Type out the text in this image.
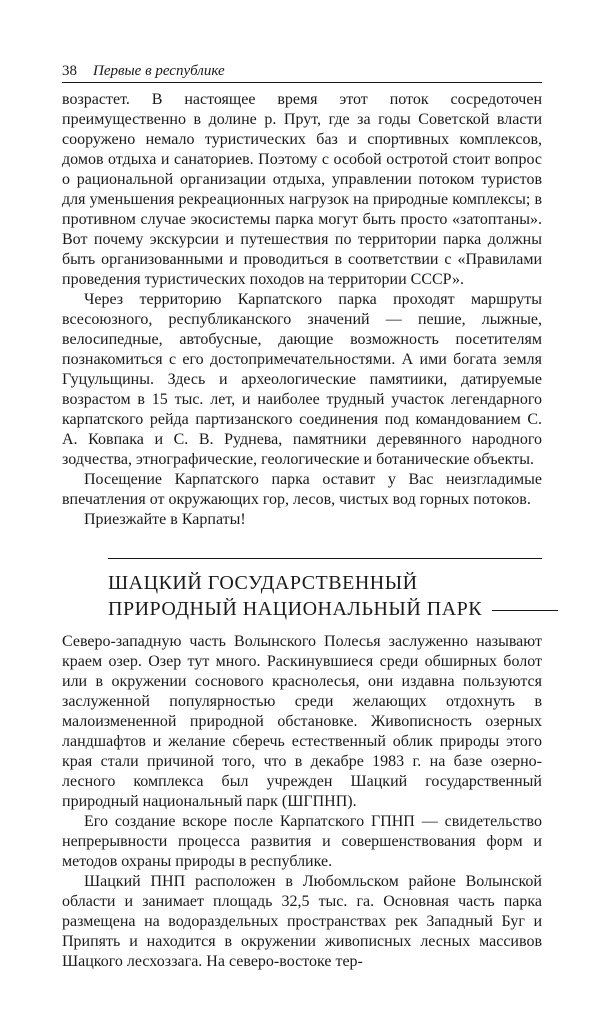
38 Первые в республике

возрастет. В настоящее время этот поток сосредоточен преимущественно в долине р. Прут, где за годы Советской власти сооружено немало туристических баз и спортивных комплексов, домов отдыха и санаториев. Поэтому с особой остротой стоит вопрос о рациональной организации отдыха, управлении потоком туристов для уменьшения рекреационных нагрузок на природные комплексы; в противном случае экосистемы парка могут быть просто «затоптаны». Вот почему экскурсии и путешествия по территории парка должны быть организованными и проводиться в соответствии с «Правилами проведения туристических походов на территории СССР».

Через территорию Карпатского парка проходят маршруты всесоюзного, республиканского значений — пешие, лыжные, велосипедные, автобусные, дающие возможность посетителям познакомиться с его достопримечательностями. А ими богата земля Гуцульщины. Здесь и археологические памятиики, датируемые возрастом в 15 тыс. лет, и наиболее трудный участок легендарного карпатского рейда партизанского соединения под командованием С. А. Ковпака и С. В. Руднева, памятники деревянного народного зодчества, этнографические, геологические и ботанические объекты.

Посещение Карпатского парка оставит у Вас неизгладимые впечатления от окружающих гор, лесов, чистых вод горных потоков.

Приезжайте в Карпаты!

ШАЦКИЙ ГОСУДАРСТВЕННЫЙ
ПРИРОДНЫЙ НАЦИОНАЛЬНЫЙ ПАРК

Северо-западную часть Волынского Полесья заслуженно называют краем озер. Озер тут много. Раскинувшиеся среди обширных болот или в окружении соснового краснолесья, они издавна пользуются заслуженной популярностью среди желающих отдохнуть в малоизмененной природной обстановке. Живописность озерных ландшафтов и желание сберечь естественный облик природы этого края стали причиной того, что в декабре 1983 г. на базе озерно-лесного комплекса был учрежден Шацкий государственный природный национальный парк (ШГПНП).

Его создание вскоре после Карпатского ГПНП — свидетельство непрерывности процесса развития и совершенствования форм и методов охраны природы в республике.

Шацкий ПНП расположен в Любомльском районе Волынской области и занимает площадь 32,5 тыс. га. Основная часть парка размещена на водораздельных пространствах рек Западный Буг и Припять и находится в окружении живописных лесных массивов Шацкого лесхоззага. На северо-востоке тер-
